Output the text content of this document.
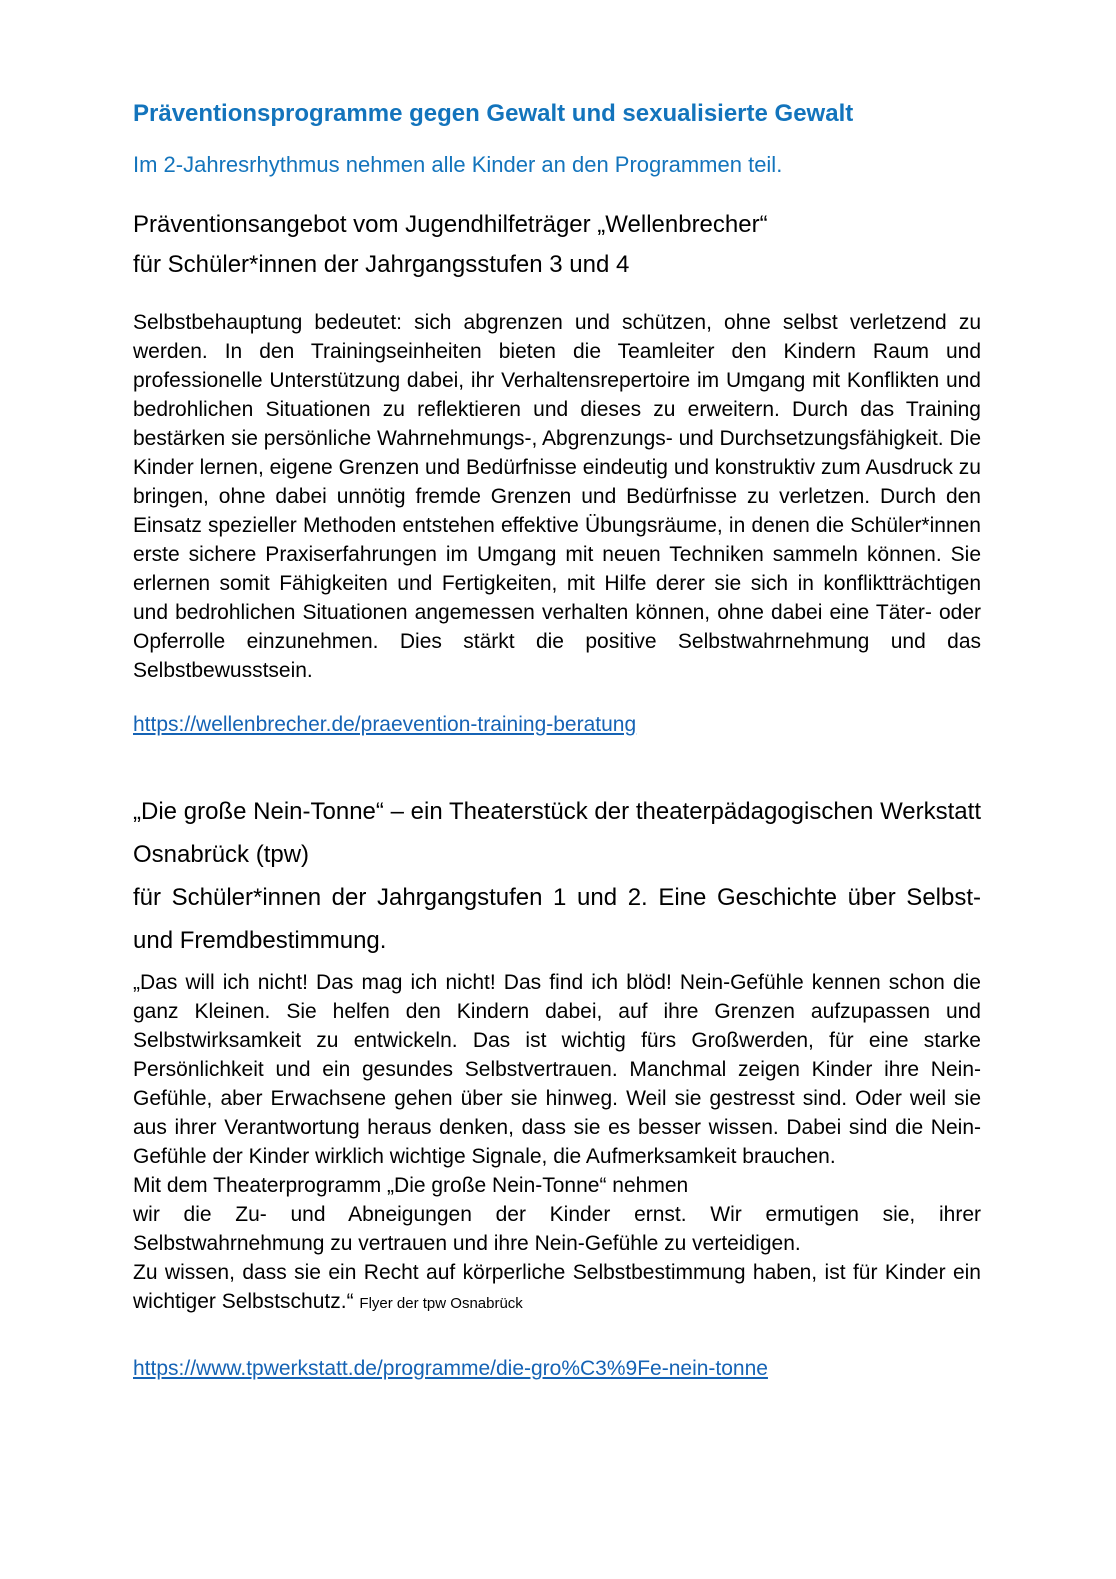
Präventionsprogramme gegen Gewalt und sexualisierte Gewalt
Im 2-Jahresrhythmus nehmen alle Kinder an den Programmen teil.
Präventionsangebot vom Jugendhilfeträger „Wellenbrecher“
für Schüler*innen der Jahrgangsstufen 3 und 4
Selbstbehauptung bedeutet: sich abgrenzen und schützen, ohne selbst verletzend zu werden. In den Trainingseinheiten bieten die Teamleiter den Kindern Raum und professionelle Unterstützung dabei, ihr Verhaltensrepertoire im Umgang mit Konflikten und bedrohlichen Situationen zu reflektieren und dieses zu erweitern. Durch das Training bestärken sie persönliche Wahrnehmungs-, Abgrenzungs- und Durchsetzungsfähigkeit. Die Kinder lernen, eigene Grenzen und Bedürfnisse eindeutig und konstruktiv zum Ausdruck zu bringen, ohne dabei unnötig fremde Grenzen und Bedürfnisse zu verletzen. Durch den Einsatz spezieller Methoden entstehen effektive Übungsräume, in denen die Schüler*innen erste sichere Praxiserfahrungen im Umgang mit neuen Techniken sammeln können. Sie erlernen somit Fähigkeiten und Fertigkeiten, mit Hilfe derer sie sich in konfliktträchtigen und bedrohlichen Situationen angemessen verhalten können, ohne dabei eine Täter- oder Opferrolle einzunehmen. Dies stärkt die positive Selbstwahrnehmung und das Selbstbewusstsein.
https://wellenbrecher.de/praevention-training-beratung
„Die große Nein-Tonne“ – ein Theaterstück der theaterpädagogischen Werkstatt Osnabrück (tpw)
für Schüler*innen der Jahrgangstufen 1 und 2. Eine Geschichte über Selbst- und Fremdbestimmung.
„Das will ich nicht! Das mag ich nicht! Das find ich blöd! Nein-Gefühle kennen schon die ganz Kleinen. Sie helfen den Kindern dabei, auf ihre Grenzen aufzupassen und Selbstwirksamkeit zu entwickeln. Das ist wichtig fürs Großwerden, für eine starke Persönlichkeit und ein gesundes Selbstvertrauen. Manchmal zeigen Kinder ihre Nein-Gefühle, aber Erwachsene gehen über sie hinweg. Weil sie gestresst sind. Oder weil sie aus ihrer Verantwortung heraus denken, dass sie es besser wissen. Dabei sind die Nein-Gefühle der Kinder wirklich wichtige Signale, die Aufmerksamkeit brauchen.
Mit dem Theaterprogramm „Die große Nein-Tonne“ nehmen
wir die Zu- und Abneigungen der Kinder ernst. Wir ermutigen sie, ihrer Selbstwahrnehmung zu vertrauen und ihre Nein-Gefühle zu verteidigen.
Zu wissen, dass sie ein Recht auf körperliche Selbstbestimmung haben, ist für Kinder ein wichtiger Selbstschutz.“ Flyer der tpw Osnabrück
https://www.tpwerkstatt.de/programme/die-gro%C3%9Fe-nein-tonne
